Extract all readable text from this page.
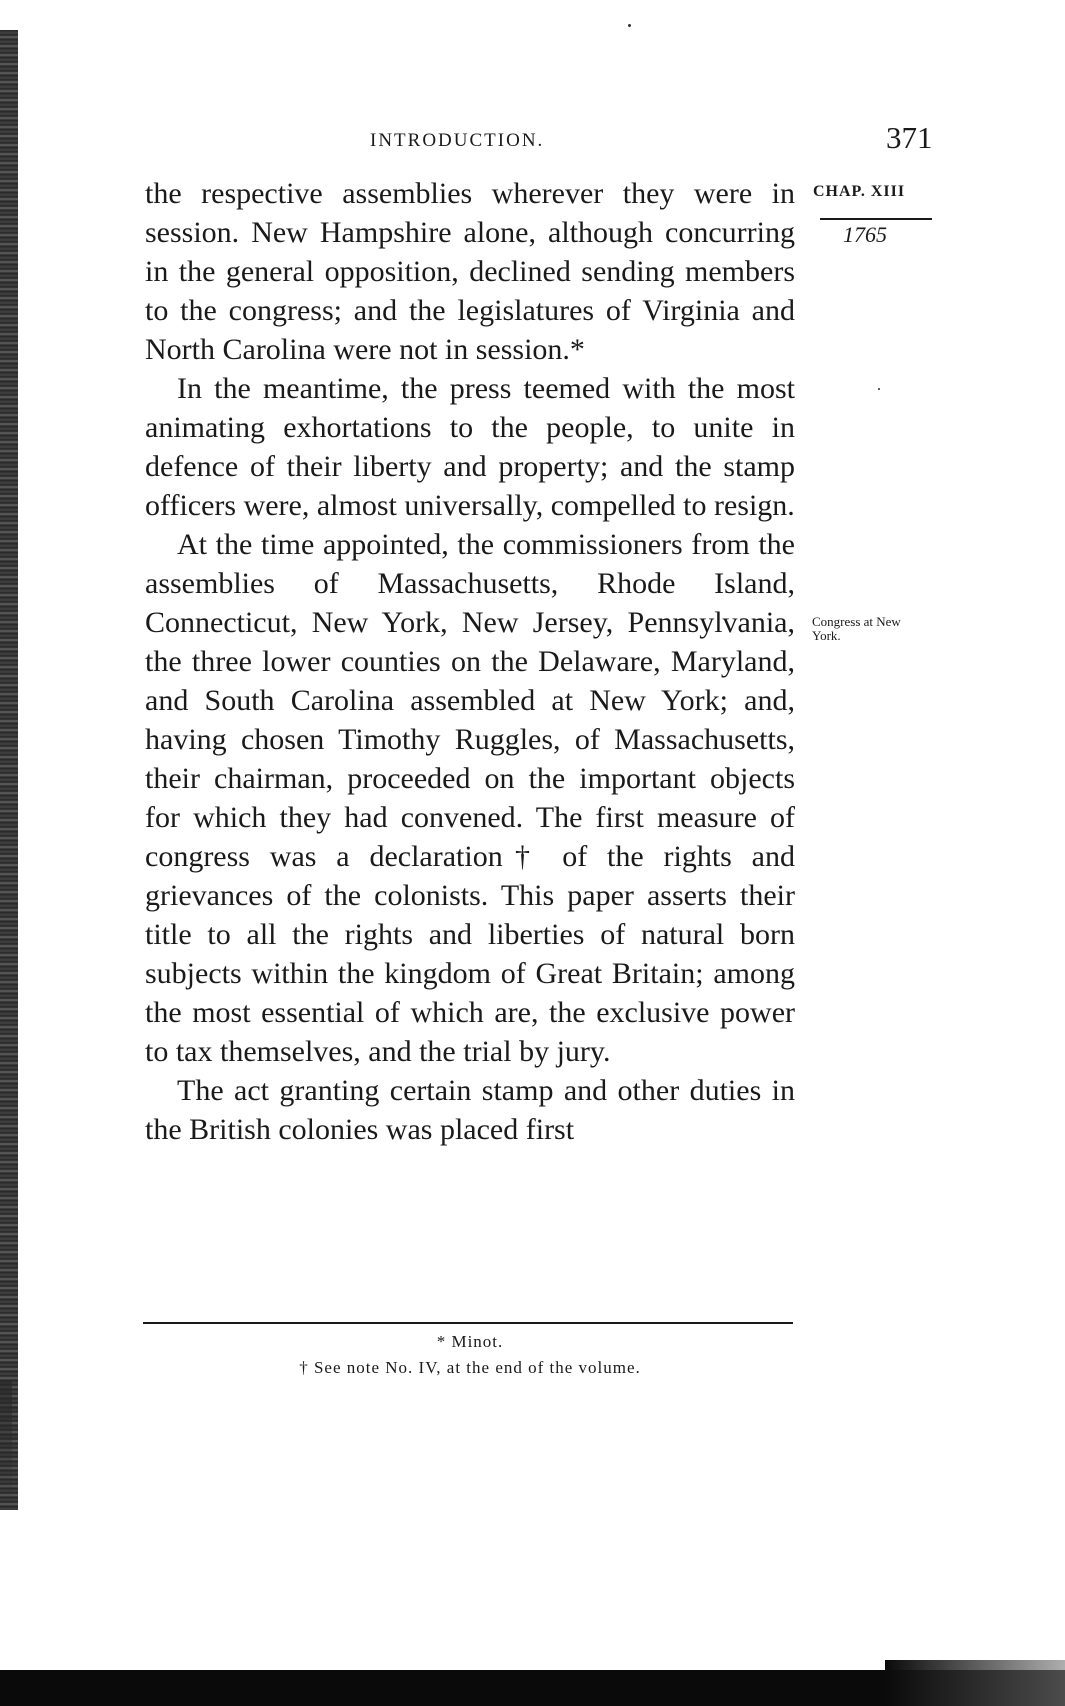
INTRODUCTION.	371
CHAP. XIII
1765
Congress at New York.

the respective assemblies wherever they were in session. New Hampshire alone, although concurring in the general opposition, declined sending members to the congress; and the legislatures of Virginia and North Carolina were not in session.*

In the meantime, the press teemed with the most animating exhortations to the people, to unite in defence of their liberty and property; and the stamp officers were, almost universally, compelled to resign.

At the time appointed, the commissioners from the assemblies of Massachusetts, Rhode Island, Connecticut, New York, New Jersey, Pennsylvania, the three lower counties on the Delaware, Maryland, and South Carolina assembled at New York; and, having chosen Timothy Ruggles, of Massachusetts, their chairman, proceeded on the important objects for which they had convened. The first measure of congress was a declaration† of the rights and grievances of the colonists. This paper asserts their title to all the rights and liberties of natural born subjects within the kingdom of Great Britain; among the most essential of which are, the exclusive power to tax themselves, and the trial by jury.

The act granting certain stamp and other duties in the British colonies was placed first

* Minot.
† See note No. IV, at the end of the volume.
